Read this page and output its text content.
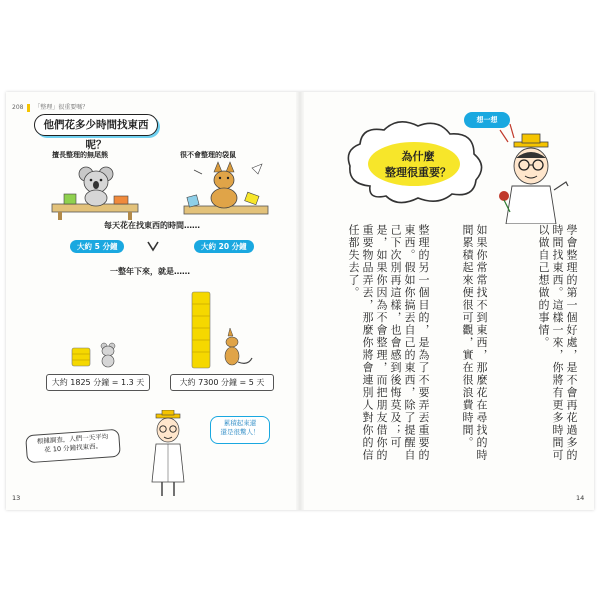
208 「整理」很重要嗎？
他們花多少時間找東西呢？
擅長整理的無尾熊	很不會整理的袋鼠
每天花在找東西的時間……
大約 5 分鐘	大約 20 分鐘
一整年下來，就是……
大約 1825 分鐘 = 1.3 天	大約 7300 分鐘 = 5 天
根據調查，人們一天平均
花 10 分鐘找東西。
累積起來還
還是很驚人！
13
為什麼
整理很重要？
想一想
學會整理的第一個好處，是不會再花過多的時間找東西。這樣一來，你將有更多時間可以做自己想做的事情。
如果你常常找不到東西，那麼花在尋找的時間累積起來便很可觀，實在很浪費時間。
整理的另一個目的，是為了不要弄丟重要的東西。假如你搞丟自己的東西，除了提醒自己下次別再這樣，也會感到後悔莫及；可是，如果你因為不會整理，而把朋友借你的重要物品弄丟，那麼你將會連別人對你的信任都失去了。
14
